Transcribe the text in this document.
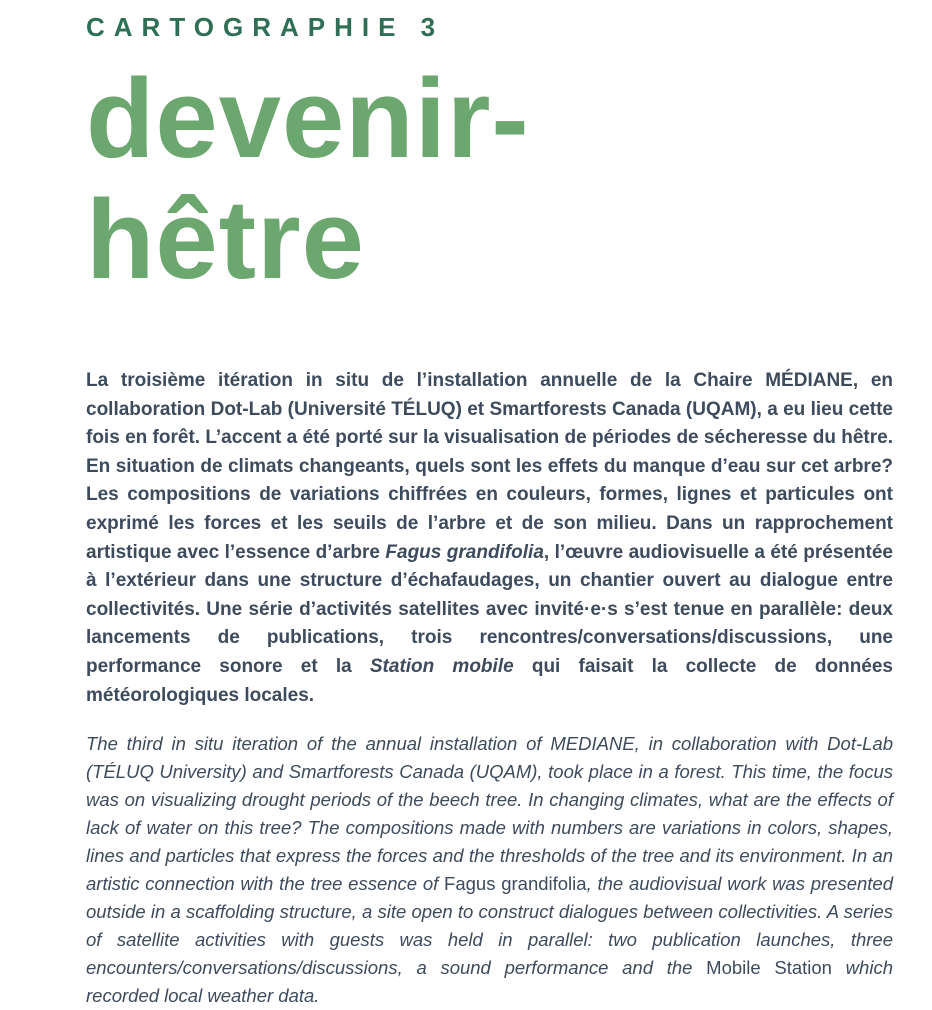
CARTOGRAPHIE 3
devenir-
hêtre

La troisième itération in situ de l’installation annuelle de la Chaire MÉDIANE, en collaboration Dot-Lab (Université TÉLUQ) et Smartforests Canada (UQAM), a eu lieu cette fois en forêt. L’accent a été porté sur la visualisation de périodes de sécheresse du hêtre. En situation de climats changeants, quels sont les effets du manque d’eau sur cet arbre? Les compositions de variations chiffrées en couleurs, formes, lignes et particules ont exprimé les forces et les seuils de l’arbre et de son milieu. Dans un rapprochement artistique avec l’essence d’arbre Fagus grandifolia, l’œuvre audiovisuelle a été présentée à l’extérieur dans une structure d’échafaudages, un chantier ouvert au dialogue entre collectivités. Une série d’activités satellites avec invité·e·s s’est tenue en parallèle: deux lancements de publications, trois rencontres/conversations/discussions, une performance sonore et la Station mobile qui faisait la collecte de données météorologiques locales.

The third in situ iteration of the annual installation of MEDIANE, in collaboration with Dot-Lab (TÉLUQ University) and Smartforests Canada (UQAM), took place in a forest. This time, the focus was on visualizing drought periods of the beech tree. In changing climates, what are the effects of lack of water on this tree? The compositions made with numbers are variations in colors, shapes, lines and particles that express the forces and the thresholds of the tree and its environment. In an artistic connection with the tree essence of Fagus grandifolia, the audiovisual work was presented outside in a scaffolding structure, a site open to construct dialogues between collectivities. A series of satellite activities with guests was held in parallel: two publication launches, three encounters/conversations/discussions, a sound performance and the Mobile Station which recorded local weather data.
